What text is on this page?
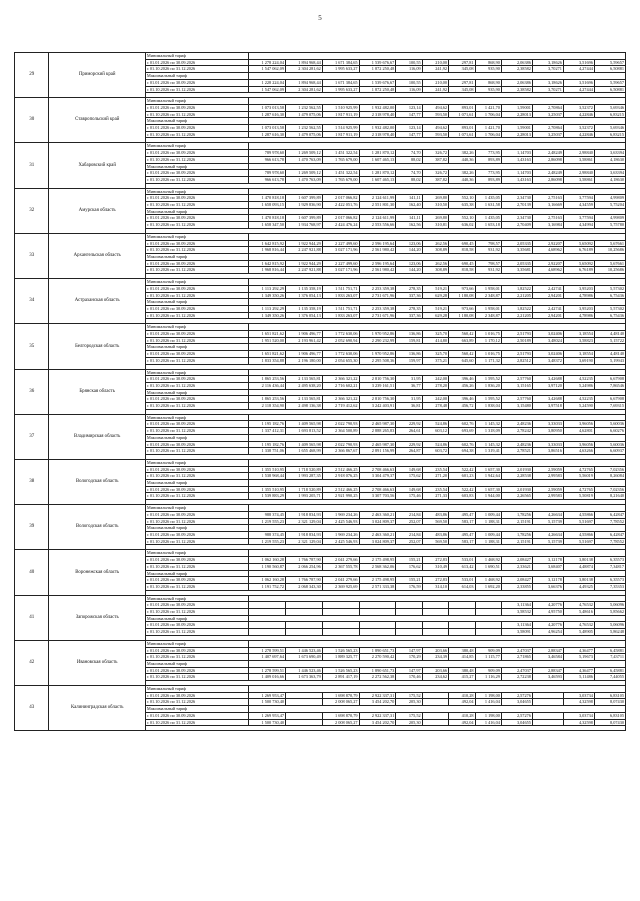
5
29	Приморский край	Минимальный тариф												
		с 01.01.2026 по 30.09.2026	1 278 224,04	1 894 968,44	1 671 384,65	1 539 676,67	100,55	210,00	297,81	868,90	2,06386	3,18626	3,51696	5,59657
		с 01.10.2026 по 31.12.2026	1 547 062,09	2 304 281,62	1 995 633,27	1 872 250,48	116,09	241,92	345,08	935,90	2,38582	3,70271	4,27444	6,50881
		Максимальный тариф												
		с 01.01.2026 по 30.09.2026	1 228 224,04	1 894 968,44	1 671 384,65	1 539 676,67	100,55	210,00	297,81	868,90	2,06386	3,18626	3,51696	5,59657
		с 01.10.2026 по 31.12.2026	1 547 062,09	2 304 281,62	1 995 633,27	1 872 250,48	116,09	241,92	345,08	935,90	2,38582	3,70271	4,27444	6,50881

30	Ставропольский край	Минимальный тариф												
		с 01.01.2026 по 30.09.2026	1 073 013,58	1 232 562,55	1 510 925,99	1 932 482,00	123,14	494,62	893,01	1 421,70	1,59001	2,70864	3,52372	5,69346
		с 01.10.2026 по 31.12.2026	1 287 616,30	1 479 075,06	1 817 911,19	2 318 978,40	147,77	593,50	1 071,61	1 706,04	2,28013	3,25037	4,22846	6,83215
		Максимальный тариф												
		с 01.01.2026 по 30.09.2026	1 073 013,58	1 232 562,55	1 514 925,99	1 932 482,00	123,14	494,62	893,01	1 421,70	1,59001	2,70864	3,52372	5,69346
		с 01.10.2026 по 31.12.2026	1 287 616,30	1 479 075,06	1 817 911,19	2 318 978,40	147,77	593,50	1 071,61	1 706,04	2,28013	3,25037	4,22846	6,83215

31	Хабаровский край	Минимальный тариф												
		с 01.01.2026 по 30.09.2026	789 978,60	1 269 509,12	1 451 322,54	1 281 870,12	74,70	326,72	382,26	773,95	1,14703	2,48249	2,98840	3,63394
		с 01.10.2026 по 31.12.2026	966 613,78	1 470 763,09	1 765 679,00	1 607 465,13	88,02	387,82	440,36	893,89	1,43163	2,86098	3,58861	4,18630
		Максимальный тариф												
		с 01.01.2026 по 30.09.2026	789 978,60	1 269 509,12	1 451 322,54	1 281 870,12	74,70	326,72	382,26	773,95	1,14703	2,48249	2,98840	3,63394
		с 01.10.2026 по 31.12.2026	966 613,78	1 470 763,09	1 765 679,00	1 607 465,13	88,02	387,82	440,36	893,89	1,43163	2,86098	3,58861	4,18630

32	Амурская область	Минимальный тариф												
		с 01.01.2026 по 30.09.2026	1 470 818,18	1 607 399,89	2 017 066,82	2 124 611,99	141,11	269,80	552,10	1 435,05	2,34730	2,75163	3,77594	4,99809
		с 01.10.2026 по 31.12.2026	1 658 093,15	1 929 836,90	2 422 051,76	2 551 801,30	162,40	310,50	635,38	1 631,58	2,70139	3,16669	4,34559	5,75204
		Максимальный тариф												
		с 01.01.2026 по 30.09.2026	1 470 818,18	1 607 399,89	2 017 066,82	2 124 611,99	141,11	269,80	552,10	1 435,05	2,34730	2,75163	3,77594	4,99809
		с 01.10.2026 по 31.12.2026	1 658 347,50	1 934 768,97	2 424 476,24	2 553 556,66	162,56	310,81	636,02	1 653,18	2,70409	3,16984	4,34994	5,75780

33	Архангельская область	Минимальный тариф												
		с 01.01.2026 по 30.09.2026	1 642 815,92	1 922 944,29	2 227 499,60	2 596 195,64	123,06	262,56	690,45	798,57	2,05335	2,92207	5,65092	5,67661
		с 01.10.2026 по 31.12.2026	1 968 816,44	2 247 921,88	3 027 171,96	2 561 980,42	144,20	308,89	818,58	931,92	3,35681	4,68962	6,76189	10,25686
		Максимальный тариф												
		с 01.01.2026 по 30.09.2026	1 642 815,92	1 922 944,29	2 227 499,60	2 596 195,64	123,06	262,56	690,45	798,57	2,05335	2,92207	5,65092	5,67661
		с 01.10.2026 по 31.12.2026	1 968 816,44	2 247 921,88	3 027 171,96	2 561 980,42	144,20	308,89	818,58	931,92	3,35681	4,68962	6,76189	10,25686

34	Астраханская область	Минимальный тариф												
		с 01.01.2026 по 30.09.2026	1 113 292,29	1 135 358,19	1 511 751,71	2 253 359,38	278,35	519,21	973,66	1 958,01	1,82522	2,42741	3,95203	5,57302
		с 01.10.2026 по 31.12.2026	1 349 350,26	1 376 054,13	1 833 263,07	2 731 671,96	337,36	629,28	1 180,08	2 348,87	2,21205	2,94201	4,78986	6,75436
		Максимальный тариф												
		с 01.01.2026 по 30.09.2026	1 113 292,29	1 135 358,19	1 511 751,71	2 253 359,38	278,35	519,21	973,66	1 958,01	1,82522	2,42741	3,95203	5,57302
		с 01.10.2026 по 31.12.2026	1 349 350,26	1 376 054,13	1 833 263,07	2 731 671,96	337,36	629,28	1 180,08	2 348,87	2,21205	2,94201	4,78986	6,75436

35	Белгородская область	Минимальный тариф												
		с 01.01.2026 по 30.09.2026	1 651 821,62	1 906 496,77	1 772 630,06	1 970 952,86	136,86	325,70	560,42	1 016,75	2,51793	3,02406	3,18554	4,48140
		с 01.10.2026 по 31.12.2026	1 951 520,00	2 193 961,42	2 052 690,94	2 290 232,99	159,81	414,80	663,89	1 170,12	2,50189	3,48024	3,58823	5,15722
		Максимальный тариф												
		с 01.01.2026 по 30.09.2026	1 651 821,62	1 906 496,77	1 772 630,06	1 970 952,86	136,86	325,70	560,42	1 016,75	2,51793	3,02406	3,18554	4,48140
		с 01.10.2026 по 31.12.2026	1 833 354,88	2 196 180,00	2 054 655,30	2 295 508,36	159,97	375,21	645,60	1 171,32	2,82512	3,48372	3,69190	5,19943

36	Брянская область	Минимальный тариф												
		с 01.01.2026 по 30.09.2026	1 865 253,56	2 133 565,81	2 366 321,22	2 810 756,30	31,95	242,00	396,46	1 595,52	2,57760	3,42688	4,52235	6,67908
		с 01.10.2026 по 31.12.2026	2 116 436,44	2 495 638,20	2 716 602,21	3 239 161,51	36,77	278,20	456,26	1 836,20	3,15165	3,97120	5,24986	7,86546
		Максимальный тариф												
		с 01.01.2026 по 30.09.2026	1 865 253,56	2 133 565,81	2 366 321,22	2 810 756,30	31,95	242,00	396,46	1 595,52	2,57760	3,42688	4,52235	6,67908
		с 01.10.2026 по 31.12.2026	2 118 354,90	2 498 136,38	2 719 412,62	3 242 403,91	36,81	278,48	456,72	1 838,04	3,15480	3,97518	5,24590	7,69315

37	Владимирская область	Минимальный тариф												
		с 01.01.2026 по 30.09.2026	1 195 182,76	1 409 565,98	2 022 790,93	2 465 987,30	229,92	524,86	602,76	1 145,32	2,48236	3,33033	3,96056	5,60036
		с 01.10.2026 по 31.12.2026	1 337 412,31	1 693 813,52	2 364 500,89	2 888 265,83	264,61	603,12	693,69	1 318,09	2,78242	3,80950	4,62801	6,60276
		Максимальный тариф												
		с 01.01.2026 по 30.09.2026	1 195 182,76	1 409 565,98	2 022 790,93	2 465 987,30	229,92	524,86	602,76	1 145,32	2,48236	3,33033	3,96056	5,60036
		с 01.10.2026 по 31.12.2026	1 338 751,06	1 655 468,99	2 366 867,67	2 891 156,99	264,87	603,72	694,38	1 319,41	2,78521	3,86516	4,63266	6,60937

38	Вологодская область	Минимальный тариф												
		с 01.01.2026 по 30.09.2026	1 355 510,95	1 718 520,89	2 512 466,25	2 708 466,63	149,68	235,54	522,42	1 657,30	2,01930	2,59059	4,72765	7,02356
		с 01.10.2026 по 31.12.2026	1 538 968,44	1 993 287,35	2 918 076,25	3 304 479,37	175,62	271,20	601,23	1 942,64	2,28538	2,99583	5,56019	8,26084
		Максимальный тариф												
		с 01.01.2026 по 30.09.2026	1 355 510,95	1 718 520,89	2 512 466,25	2 708 466,63	149,68	235,54	522,42	1 657,30	2,01930	2,59059	4,72765	7,02356
		с 01.10.2026 по 31.12.2026	1 539 883,29	1 993 205,71	2 921 990,25	3 307 703,56	175,46	271,33	603,83	1 944,00	2,26565	2,99583	5,50819	8,21640

39	Вологодская область	Минимальный тариф												
		с 01.01.2026 по 30.09.2026	988 374,45	1 918 834,93	1 969 234,26	2 463 360,21	214,84	483,86	495,47	1 009,44	1,78256	4,26634	4,55866	6,42847
		с 01.10.2026 по 31.12.2026	1 219 555,23	2 321 129,04	2 425 546,93	3 024 809,37	252,07	569,50	583,17	1 188,31	2,15191	5,15739	5,51697	7,78552
		Максимальный тариф												
		с 01.01.2026 по 30.09.2026	988 374,45	1 918 834,93	1 969 234,26	2 463 360,21	214,84	483,86	495,47	1 009,44	1,78256	4,26634	4,55866	6,42847
		с 01.10.2026 по 31.12.2026	1 219 555,23	2 321 129,04	2 425 546,93	3 024 809,37	252,07	569,50	583,17	1 188,31	2,15191	5,15739	5,51697	7,78552

40	Воронежская область	Минимальный тариф												
		с 01.01.2026 по 30.09.2026	1 062 160,28	1 766 787,90	2 041 279,66	2 175 498,95	155,21	272,83	533,01	1 468,92	2,08427	3,12178	3,80138	6,35573
		с 01.10.2026 по 31.12.2026	1 190 560,87	2 066 254,96	2 367 555,78	2 568 362,06	176,62	310,49	613,42	1 690,51	2,33621	3,68407	4,48874	7,34817
		Максимальный тариф												
		с 01.01.2026 по 30.09.2026	1 062 160,28	1 766 787,90	2 041 279,66	2 175 498,95	155,21	272,83	533,01	1 468,92	2,08427	3,12178	3,80138	6,35573
		с 01.10.2026 по 31.12.2026	1 191 752,72	2 068 343,30	2 369 925,69	2 571 333,38	176,59	314,10	614,03	1 692,20	2,33855	3,66376	4,49325	7,35353

41	Запорожская область	Минимальный тариф												
		с 01.01.2026 по 30.09.2026									3,11364	4,20776	4,76532	5,06096
		с 01.10.2026 по 31.12.2026									3,58532	4,95750	5,48616	5,85662
		Максимальный тариф												
		с 01.01.2026 по 30.09.2026									3,11364	4,20776	4,76532	5,06096
		с 01.10.2026 по 31.12.2026									3,58091	4,96254	5,48905	5,86248

42	Ивановская область	Минимальный тариф												
		с 01.01.2026 по 30.09.2026	1 278 599,51	1 446 523,46	1 526 565,23	1 890 651,73	147,97	203,66	380,48	909,09	2,47037	2,88347	4,36477	6,45881
		с 01.10.2026 по 31.12.2026	1 407 697,64	1 673 690,49	1 889 325,77	2 270 590,42	170,29	234,39	414,85	1 115,77	2,71865	3,46584	5,19673	7,43711
		Максимальный тариф												
		с 01.01.2026 по 30.09.2026	1 278 599,51	1 446 523,46	1 526 565,23	1 890 651,73	147,97	203,66	380,48	909,09	2,47037	2,88347	4,36477	6,45881
		с 01.10.2026 по 31.12.2026	1 409 016,66	1 673 363,79	2 891 417,19	2 272 562,38	170,46	234,62	415,27	1 116,29	2,72238	3,46593	5,11486	7,44055

43	Калининградская область	Минимальный тариф												
		с 01.01.2026 по 30.09.2026	1 269 953,47		1 698 870,79	2 922 337,31	175,52		410,28	1 198,00	2,57276		3,03734	6,83105
		с 01.10.2026 по 31.12.2026	1 500 730,40		2 008 065,27	3 454 202,70	205,30		492,04	1 416,04	3,04655		4,32598	8,07430
		Максимальный тариф												
		с 01.01.2026 по 30.09.2026	1 269 953,47		1 698 870,79	2 922 337,31	175,52		410,28	1 198,00	2,57276		3,03734	6,83105
		с 01.10.2026 по 31.12.2026	1 500 730,40		2 008 065,27	3 454 202,70	205,30		492,04	1 416,04	3,04655		4,32598	8,07430
